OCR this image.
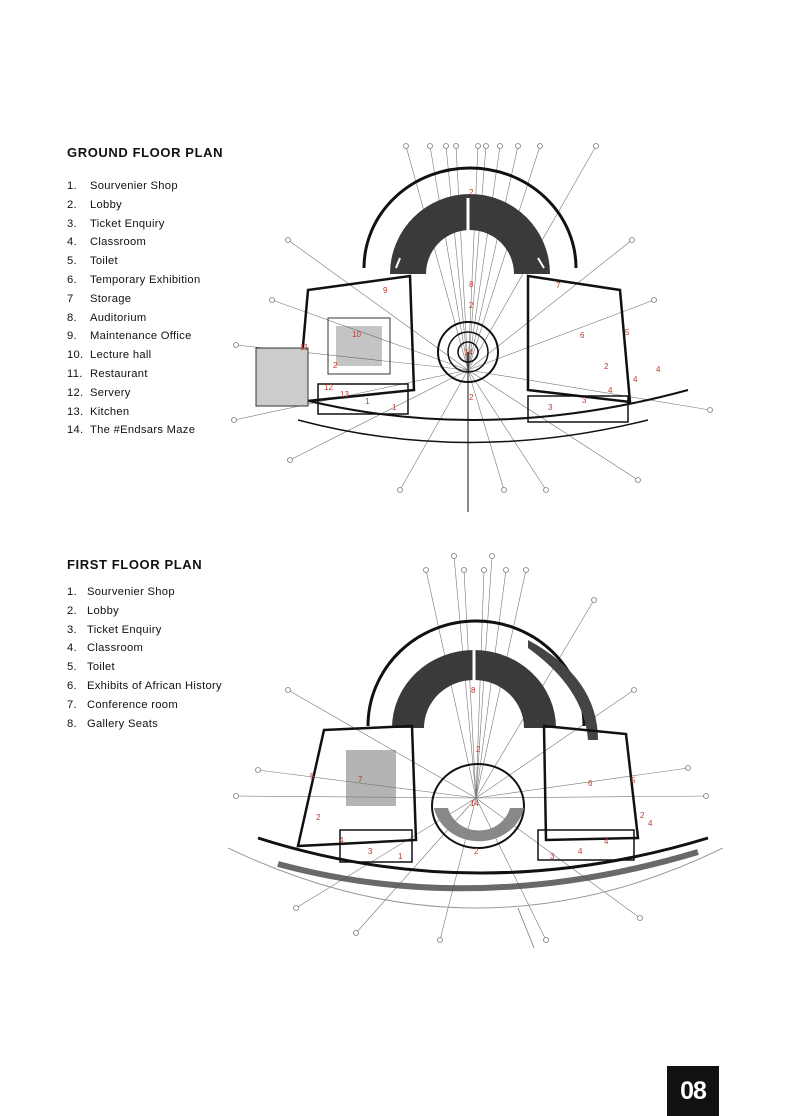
GROUND FLOOR PLAN
1.	Sourvenier Shop
2.	Lobby
3.	Ticket Enquiry
4.	Classroom
5.	Toilet
6.	Temporary Exhibition
7	Storage
8.	Auditorium
9.	Maintenance Office
10. Lecture hall
11. Restaurant
12. Servery
13. Kitchen
14. The #Endsars Maze
2
8
2
14
2
9
7
10	6	5
11
2	2
12
13
1
1	3
3
4
4
4
FIRST FLOOR PLAN
1. Sourvenier Shop
2. Lobby
3. Ticket Enquiry
4. Classroom
5. Toilet
6. Exhibits of African History
7. Conference room
8. Gallery Seats
8
2
7
5
14
6	5
2
2
4
4
3
1
2
3
4
4
08
